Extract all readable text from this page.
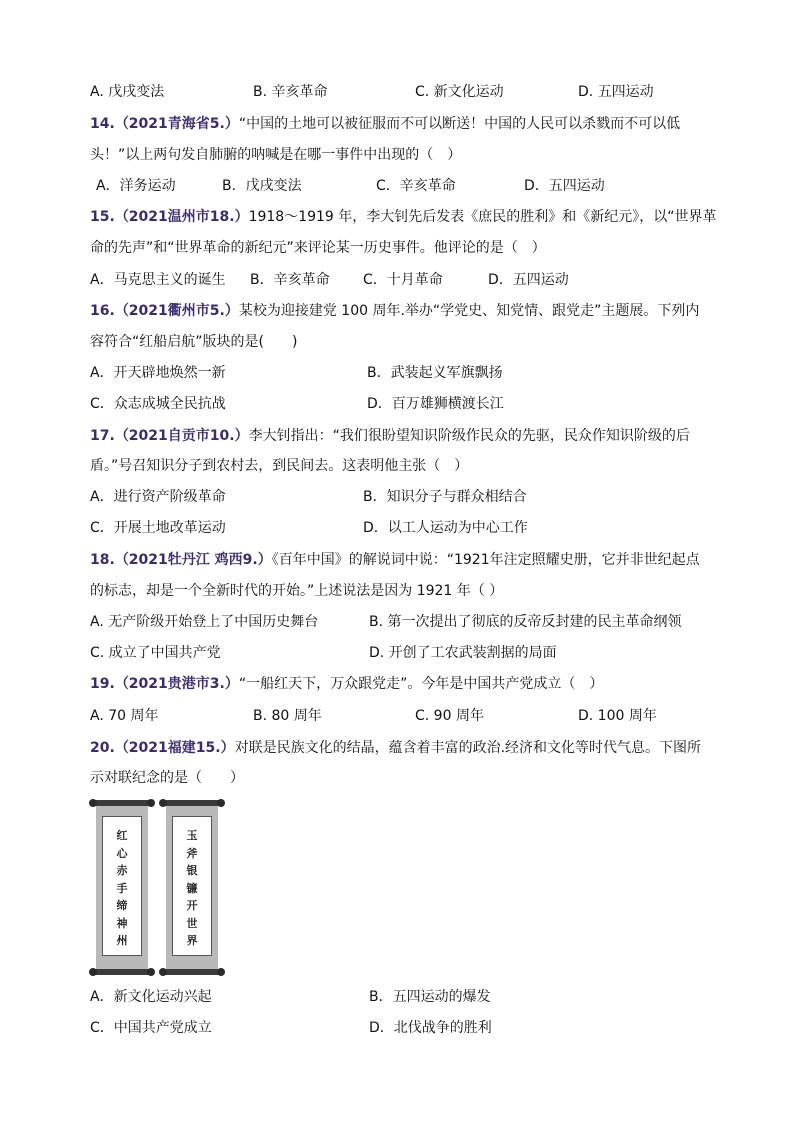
A. 戊戌变法	B. 辛亥革命	C. 新文化运动	D. 五四运动
14.（2021青海省5.）“中国的土地可以被征服而不可以断送！中国的人民可以杀戮而不可以低
头！”以上两句发自肺腑的呐喊是在哪一事件中出现的（　）
A．洋务运动	B．戊戌变法	C．辛亥革命	D．五四运动
15.（2021温州市18.）1918～1919 年，李大钊先后发表《庶民的胜利》和《新纪元》，以“世界革
命的先声”和“世界革命的新纪元”来评论某一历史事件。他评论的是（　）
A．马克思主义的诞生 B．辛亥革命 C．十月革命	D．五四运动
16.（2021衢州市5.）某校为迎接建党 100 周年.举办“学党史、知党情、跟党走”主题展。下列内
容符合“红船启航”版块的是(　　)
A．开天辟地焕然一新	B．武装起义军旗飘扬
C．众志成城全民抗战	D．百万雄狮横渡长江
17.（2021自贡市10.）李大钊指出：“我们很盼望知识阶级作民众的先驱，民众作知识阶级的后
盾。”号召知识分子到农村去，到民间去。这表明他主张（　）
A．进行资产阶级革命	B．知识分子与群众相结合
C．开展土地改革运动	D．以工人运动为中心工作
18.（2021牡丹江 鸡西9.）《百年中国》的解说词中说：“1921年注定照耀史册，它并非世纪起点
的标志，却是一个全新时代的开始。”上述说法是因为 1921 年（ ）
A. 无产阶级开始登上了中国历史舞台	B. 第一次提出了彻底的反帝反封建的民主革命纲领
C. 成立了中国共产党	D. 开创了工农武装割据的局面
19.（2021贵港市3.）“一船红天下，万众跟党走”。今年是中国共产党成立（　）
A. 70 周年	B. 80 周年	C. 90 周年	D. 100 周年
20.（2021福建15.）对联是民族文化的结晶，蕴含着丰富的政治.经济和文化等时代气息。下图所
示对联纪念的是（　　）
红
心
赤
手
缔
神
州
玉
斧
银
镰
开
世
界
A．新文化运动兴起	B．五四运动的爆发
C．中国共产党成立	D．北伐战争的胜利
